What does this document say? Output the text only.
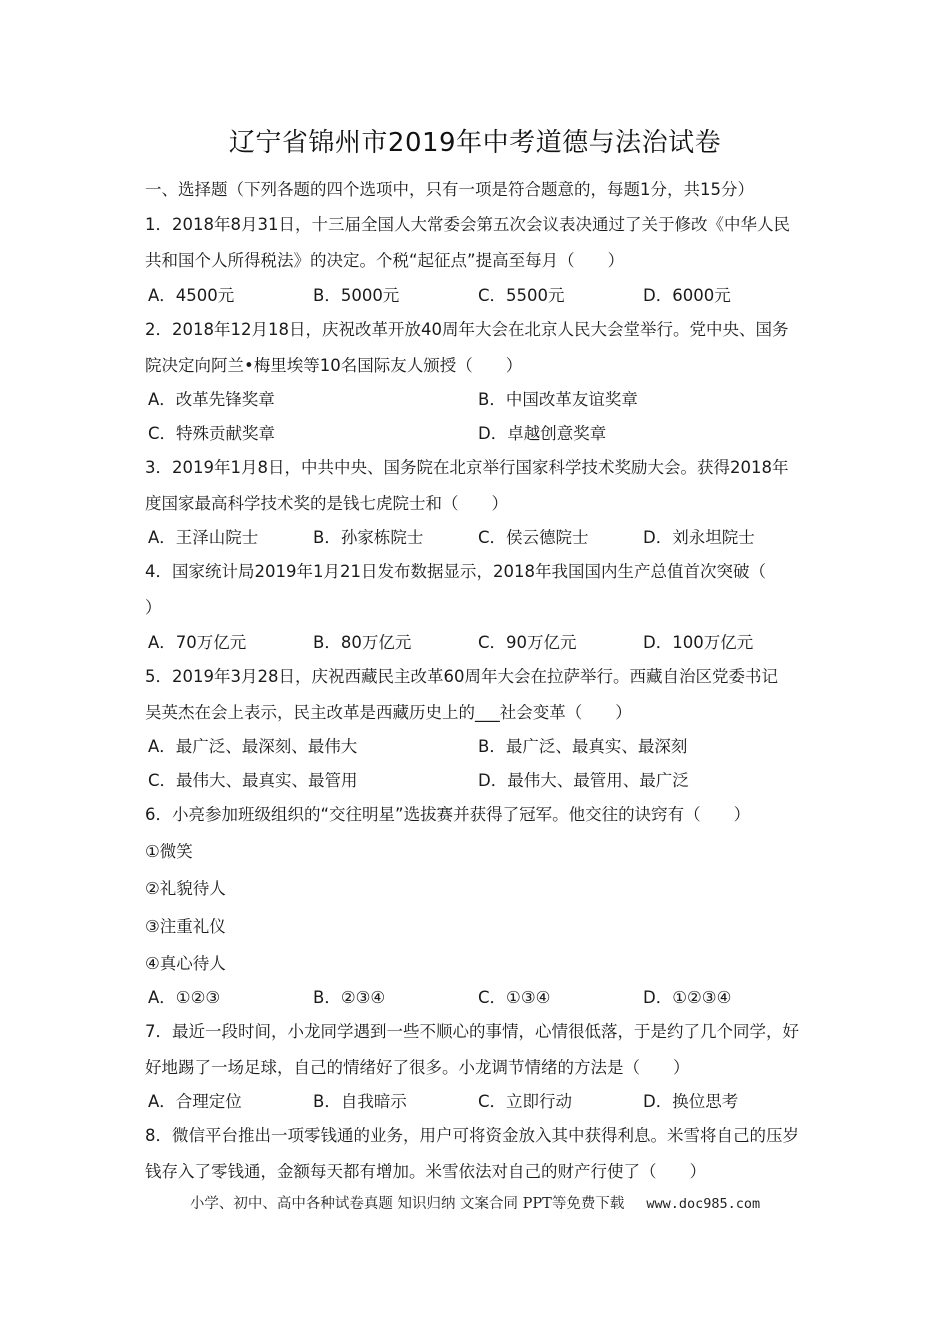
辽宁省锦州市2019年中考道德与法治试卷
一、选择题（下列各题的四个选项中，只有一项是符合题意的，每题1分，共15分）
1．2018年8月31日，十三届全国人大常委会第五次会议表决通过了关于修改《中华人民
共和国个人所得税法》的决定。个税“起征点”提高至每月（　　）
A．4500元	B．5000元	C．5500元	D．6000元
2．2018年12月18日，庆祝改革开放40周年大会在北京人民大会堂举行。党中央、国务
院决定向阿兰•梅里埃等10名国际友人颁授（　　）
A．改革先锋奖章	B．中国改革友谊奖章
C．特殊贡献奖章	D．卓越创意奖章
3．2019年1月8日，中共中央、国务院在北京举行国家科学技术奖励大会。获得2018年
度国家最高科学技术奖的是钱七虎院士和（　　）
A．王泽山院士	B．孙家栋院士	C．侯云德院士	D．刘永坦院士
4．国家统计局2019年1月21日发布数据显示，2018年我国国内生产总值首次突破（
）
A．70万亿元	B．80万亿元	C．90万亿元	D．100万亿元
5．2019年3月28日，庆祝西藏民主改革60周年大会在拉萨举行。西藏自治区党委书记
吴英杰在会上表示，民主改革是西藏历史上的___社会变革（　　）
A．最广泛、最深刻、最伟大	B．最广泛、最真实、最深刻
C．最伟大、最真实、最管用	D．最伟大、最管用、最广泛
6．小亮参加班级组织的“交往明星”选拔赛并获得了冠军。他交往的诀窍有（　　）
①微笑
②礼貌待人
③注重礼仪
④真心待人
A．①②③	B．②③④	C．①③④	D．①②③④
7．最近一段时间，小龙同学遇到一些不顺心的事情，心情很低落，于是约了几个同学，好
好地踢了一场足球，自己的情绪好了很多。小龙调节情绪的方法是（　　）
A．合理定位	B．自我暗示	C．立即行动	D．换位思考
8．微信平台推出一项零钱通的业务，用户可将资金放入其中获得利息。米雪将自己的压岁
钱存入了零钱通，金额每天都有增加。米雪依法对自己的财产行使了（　　）
小学、初中、高中各种试卷真题 知识归纳 文案合同 PPT等免费下载 www.doc985.com
